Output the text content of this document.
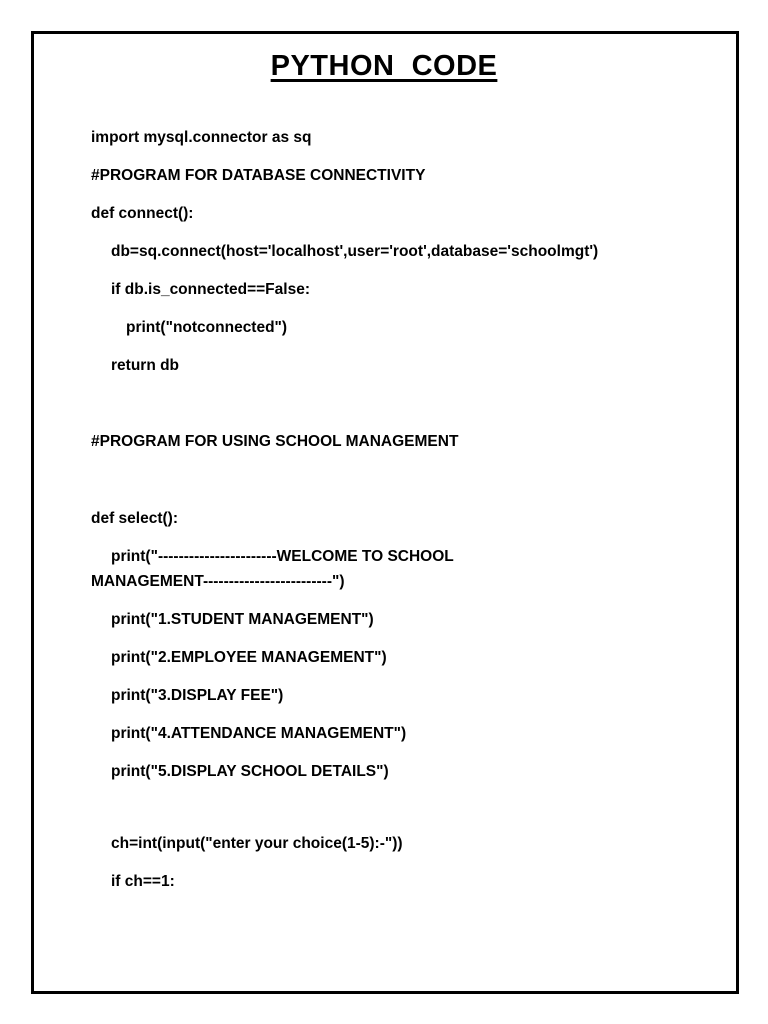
PYTHON  CODE
import mysql.connector as sq
#PROGRAM FOR DATABASE CONNECTIVITY
def connect():
db=sq.connect(host='localhost',user='root',database='schoolmgt')
if db.is_connected==False:
print("notconnected")
return db
#PROGRAM FOR USING SCHOOL MANAGEMENT
def select():
print("-----------------------WELCOME TO SCHOOL
MANAGEMENT-------------------------")
print("1.STUDENT MANAGEMENT")
print("2.EMPLOYEE MANAGEMENT")
print("3.DISPLAY FEE")
print("4.ATTENDANCE MANAGEMENT")
print("5.DISPLAY SCHOOL DETAILS")
ch=int(input("enter your choice(1-5):-"))
if ch==1:
